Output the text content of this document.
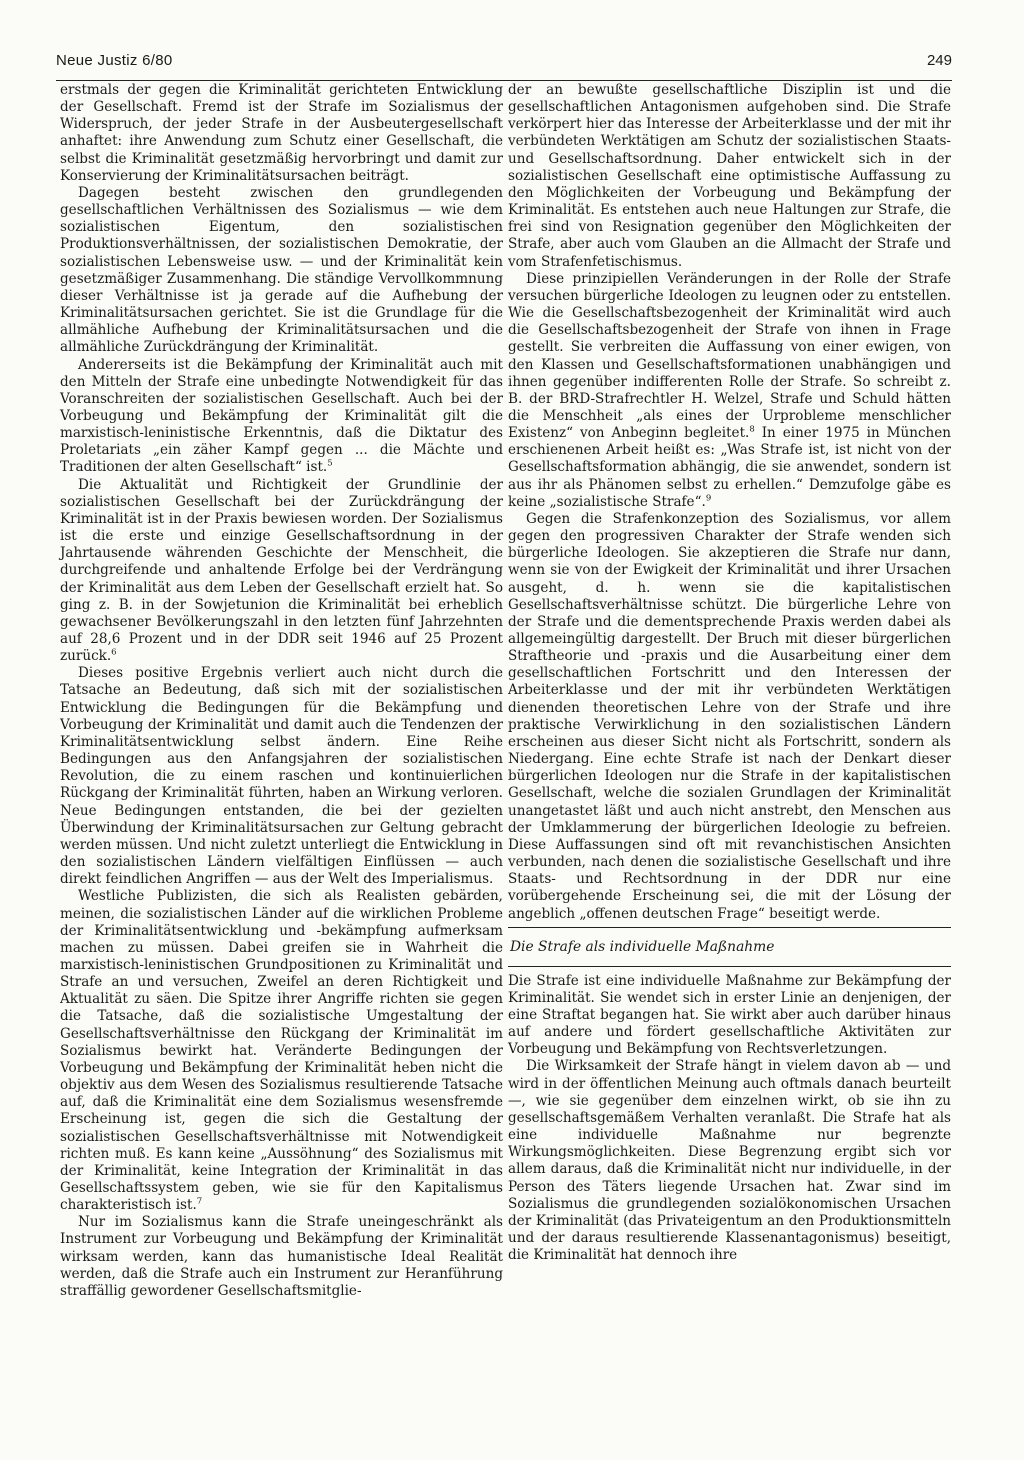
Neue Justiz 6/80	249

erstmals der gegen die Kriminalität gerichteten Entwicklung der Gesellschaft. Fremd ist der Strafe im Sozialismus der Widerspruch, der jeder Strafe in der Ausbeutergesellschaft anhaftet: ihre Anwendung zum Schutz einer Gesellschaft, die selbst die Kriminalität gesetzmäßig hervorbringt und damit zur Konservierung der Kriminalitätsursachen beiträgt.

Dagegen besteht zwischen den grundlegenden gesellschaftlichen Verhältnissen des Sozialismus — wie dem sozialistischen Eigentum, den sozialistischen Produktionsverhältnissen, der sozialistischen Demokratie, der sozialistischen Lebensweise usw. — und der Kriminalität kein gesetzmäßiger Zusammenhang. Die ständige Vervollkommnung dieser Verhältnisse ist ja gerade auf die Aufhebung der Kriminalitätsursachen gerichtet. Sie ist die Grundlage für die allmähliche Aufhebung der Kriminalitätsursachen und die allmähliche Zurückdrängung der Kriminalität.

Andererseits ist die Bekämpfung der Kriminalität auch mit den Mitteln der Strafe eine unbedingte Notwendigkeit für das Voranschreiten der sozialistischen Gesellschaft. Auch bei der Vorbeugung und Bekämpfung der Kriminalität gilt die marxistisch-leninistische Erkenntnis, daß die Diktatur des Proletariats „ein zäher Kampf gegen ... die Mächte und Traditionen der alten Gesellschaft“ ist.$^5$

Die Aktualität und Richtigkeit der Grundlinie der sozialistischen Gesellschaft bei der Zurückdrängung der Kriminalität ist in der Praxis bewiesen worden. Der Sozialismus ist die erste und einzige Gesellschaftsordnung in der Jahrtausende währenden Geschichte der Menschheit, die durchgreifende und anhaltende Erfolge bei der Verdrängung der Kriminalität aus dem Leben der Gesellschaft erzielt hat. So ging z. B. in der Sowjetunion die Kriminalität bei erheblich gewachsener Bevölkerungszahl in den letzten fünf Jahrzehnten auf 28,6 Prozent und in der DDR seit 1946 auf 25 Prozent zurück.$^6$

Dieses positive Ergebnis verliert auch nicht durch die Tatsache an Bedeutung, daß sich mit der sozialistischen Entwicklung die Bedingungen für die Bekämpfung und Vorbeugung der Kriminalität und damit auch die Tendenzen der Kriminalitätsentwicklung selbst ändern. Eine Reihe Bedingungen aus den Anfangsjahren der sozialistischen Revolution, die zu einem raschen und kontinuierlichen Rückgang der Kriminalität führten, haben an Wirkung verloren. Neue Bedingungen entstanden, die bei der gezielten Überwindung der Kriminalitätsursachen zur Geltung gebracht werden müssen. Und nicht zuletzt unterliegt die Entwicklung in den sozialistischen Ländern vielfältigen Einflüssen — auch direkt feindlichen Angriffen — aus der Welt des Imperialismus.

Westliche Publizisten, die sich als Realisten gebärden, meinen, die sozialistischen Länder auf die wirklichen Probleme der Kriminalitätsentwicklung und -bekämpfung aufmerksam machen zu müssen. Dabei greifen sie in Wahrheit die marxistisch-leninistischen Grundpositionen zu Kriminalität und Strafe an und versuchen, Zweifel an deren Richtigkeit und Aktualität zu säen. Die Spitze ihrer Angriffe richten sie gegen die Tatsache, daß die sozialistische Umgestaltung der Gesellschaftsverhältnisse den Rückgang der Kriminalität im Sozialismus bewirkt hat. Veränderte Bedingungen der Vorbeugung und Bekämpfung der Kriminalität heben nicht die objektiv aus dem Wesen des Sozialismus resultierende Tatsache auf, daß die Kriminalität eine dem Sozialismus wesensfremde Erscheinung ist, gegen die sich die Gestaltung der sozialistischen Gesellschaftsverhältnisse mit Notwendigkeit richten muß. Es kann keine „Aussöhnung“ des Sozialismus mit der Kriminalität, keine Integration der Kriminalität in das Gesellschaftssystem geben, wie sie für den Kapitalismus charakteristisch ist.$^7$

Nur im Sozialismus kann die Strafe uneingeschränkt als Instrument zur Vorbeugung und Bekämpfung der Kriminalität wirksam werden, kann das humanistische Ideal Realität werden, daß die Strafe auch ein Instrument zur Heranführung straffällig gewordener Gesellschaftsmitglie-

der an bewußte gesellschaftliche Disziplin ist und die gesellschaftlichen Antagonismen aufgehoben sind. Die Strafe verkörpert hier das Interesse der Arbeiterklasse und der mit ihr verbündeten Werktätigen am Schutz der sozialistischen Staats- und Gesellschaftsordnung. Daher entwickelt sich in der sozialistischen Gesellschaft eine optimistische Auffassung zu den Möglichkeiten der Vorbeugung und Bekämpfung der Kriminalität. Es entstehen auch neue Haltungen zur Strafe, die frei sind von Resignation gegenüber den Möglichkeiten der Strafe, aber auch vom Glauben an die Allmacht der Strafe und vom Strafenfetischismus.

Diese prinzipiellen Veränderungen in der Rolle der Strafe versuchen bürgerliche Ideologen zu leugnen oder zu entstellen. Wie die Gesellschaftsbezogenheit der Kriminalität wird auch die Gesellschaftsbezogenheit der Strafe von ihnen in Frage gestellt. Sie verbreiten die Auffassung von einer ewigen, von den Klassen und Gesellschaftsformationen unabhängigen und ihnen gegenüber indifferenten Rolle der Strafe. So schreibt z. B. der BRD-Strafrechtler H. Welzel, Strafe und Schuld hätten die Menschheit „als eines der Urprobleme menschlicher Existenz“ von Anbeginn begleitet.$^8$ In einer 1975 in München erschienenen Arbeit heißt es: „Was Strafe ist, ist nicht von der Gesellschaftsformation abhängig, die sie anwendet, sondern ist aus ihr als Phänomen selbst zu erhellen.“ Demzufolge gäbe es keine „sozialistische Strafe“.$^9$

Gegen die Strafenkonzeption des Sozialismus, vor allem gegen den progressiven Charakter der Strafe wenden sich bürgerliche Ideologen. Sie akzeptieren die Strafe nur dann, wenn sie von der Ewigkeit der Kriminalität und ihrer Ursachen ausgeht, d. h. wenn sie die kapitalistischen Gesellschaftsverhältnisse schützt. Die bürgerliche Lehre von der Strafe und die dementsprechende Praxis werden dabei als allgemeingültig dargestellt. Der Bruch mit dieser bürgerlichen Straftheorie und -praxis und die Ausarbeitung einer dem gesellschaftlichen Fortschritt und den Interessen der Arbeiterklasse und der mit ihr verbündeten Werktätigen dienenden theoretischen Lehre von der Strafe und ihre praktische Verwirklichung in den sozialistischen Ländern erscheinen aus dieser Sicht nicht als Fortschritt, sondern als Niedergang. Eine echte Strafe ist nach der Denkart dieser bürgerlichen Ideologen nur die Strafe in der kapitalistischen Gesellschaft, welche die sozialen Grundlagen der Kriminalität unangetastet läßt und auch nicht anstrebt, den Menschen aus der Umklammerung der bürgerlichen Ideologie zu befreien. Diese Auffassungen sind oft mit revanchistischen Ansichten verbunden, nach denen die sozialistische Gesellschaft und ihre Staats- und Rechtsordnung in der DDR nur eine vorübergehende Erscheinung sei, die mit der Lösung der angeblich „offenen deutschen Frage“ beseitigt werde.

Die Strafe als individuelle Maßnahme

Die Strafe ist eine individuelle Maßnahme zur Bekämpfung der Kriminalität. Sie wendet sich in erster Linie an denjenigen, der eine Straftat begangen hat. Sie wirkt aber auch darüber hinaus auf andere und fördert gesellschaftliche Aktivitäten zur Vorbeugung und Bekämpfung von Rechtsverletzungen.

Die Wirksamkeit der Strafe hängt in vielem davon ab — und wird in der öffentlichen Meinung auch oftmals danach beurteilt —, wie sie gegenüber dem einzelnen wirkt, ob sie ihn zu gesellschaftsgemäßem Verhalten veranlaßt. Die Strafe hat als eine individuelle Maßnahme nur begrenzte Wirkungsmöglichkeiten. Diese Begrenzung ergibt sich vor allem daraus, daß die Kriminalität nicht nur individuelle, in der Person des Täters liegende Ursachen hat. Zwar sind im Sozialismus die grundlegenden sozialökonomischen Ursachen der Kriminalität (das Privateigentum an den Produktionsmitteln und der daraus resultierende Klassenantagonismus) beseitigt, die Kriminalität hat dennoch ihre
